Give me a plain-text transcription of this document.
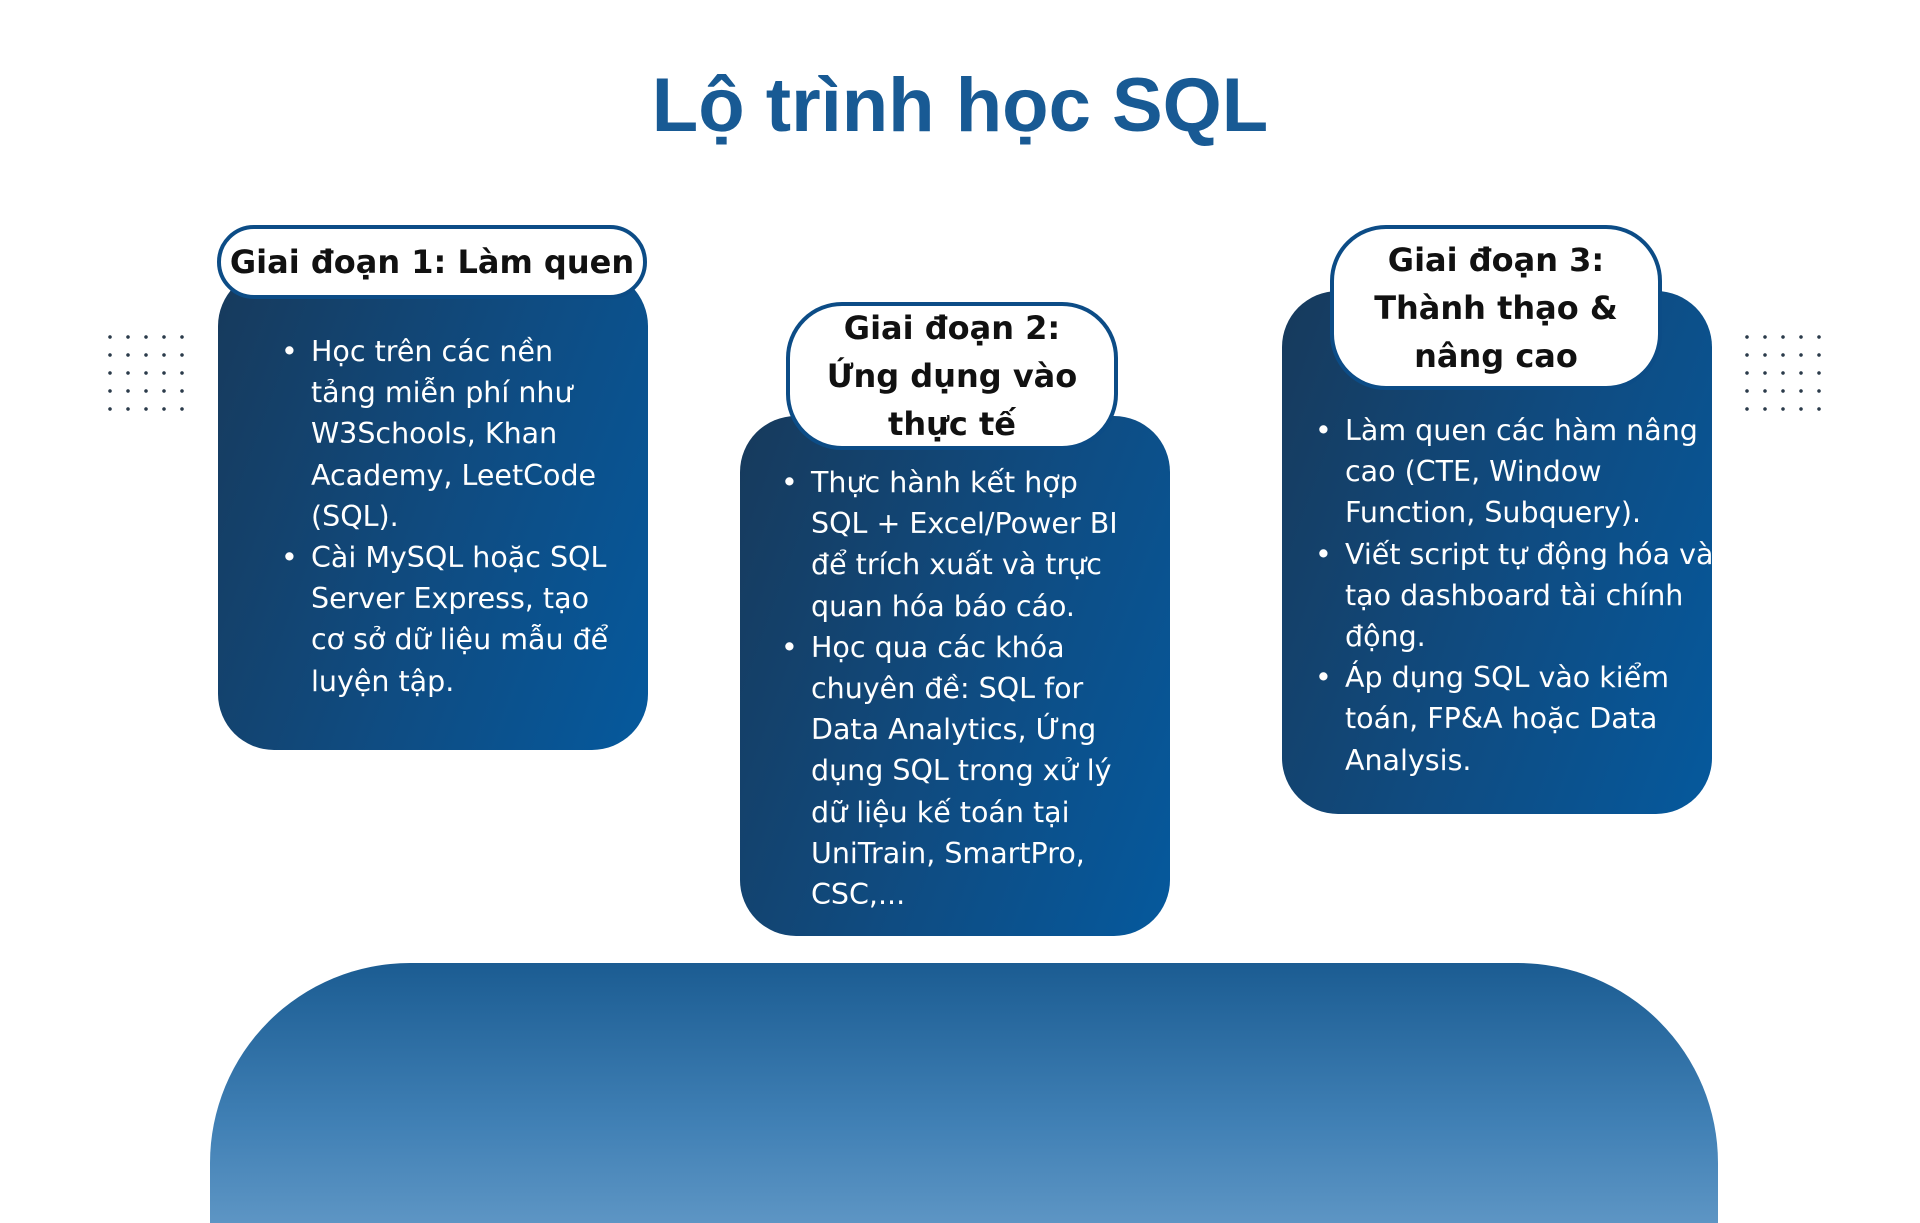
Lộ trình học SQL
Giai đoạn 1: Làm quen
Giai đoạn 2: Ứng dụng vào thực tế
Giai đoạn 3: Thành thạo & nâng cao
• Học trên các nền tảng miễn phí như W3Schools, Khan Academy, LeetCode (SQL).
• Cài MySQL hoặc SQL Server Express, tạo cơ sở dữ liệu mẫu để luyện tập.
• Thực hành kết hợp SQL + Excel/Power BI để trích xuất và trực quan hóa báo cáo.
• Học qua các khóa chuyên đề: SQL for Data Analytics, Ứng dụng SQL trong xử lý dữ liệu kế toán tại UniTrain, SmartPro, CSC,...
• Làm quen các hàm nâng cao (CTE, Window Function, Subquery).
• Viết script tự động hóa và tạo dashboard tài chính động.
• Áp dụng SQL vào kiểm toán, FP&A hoặc Data Analysis.
